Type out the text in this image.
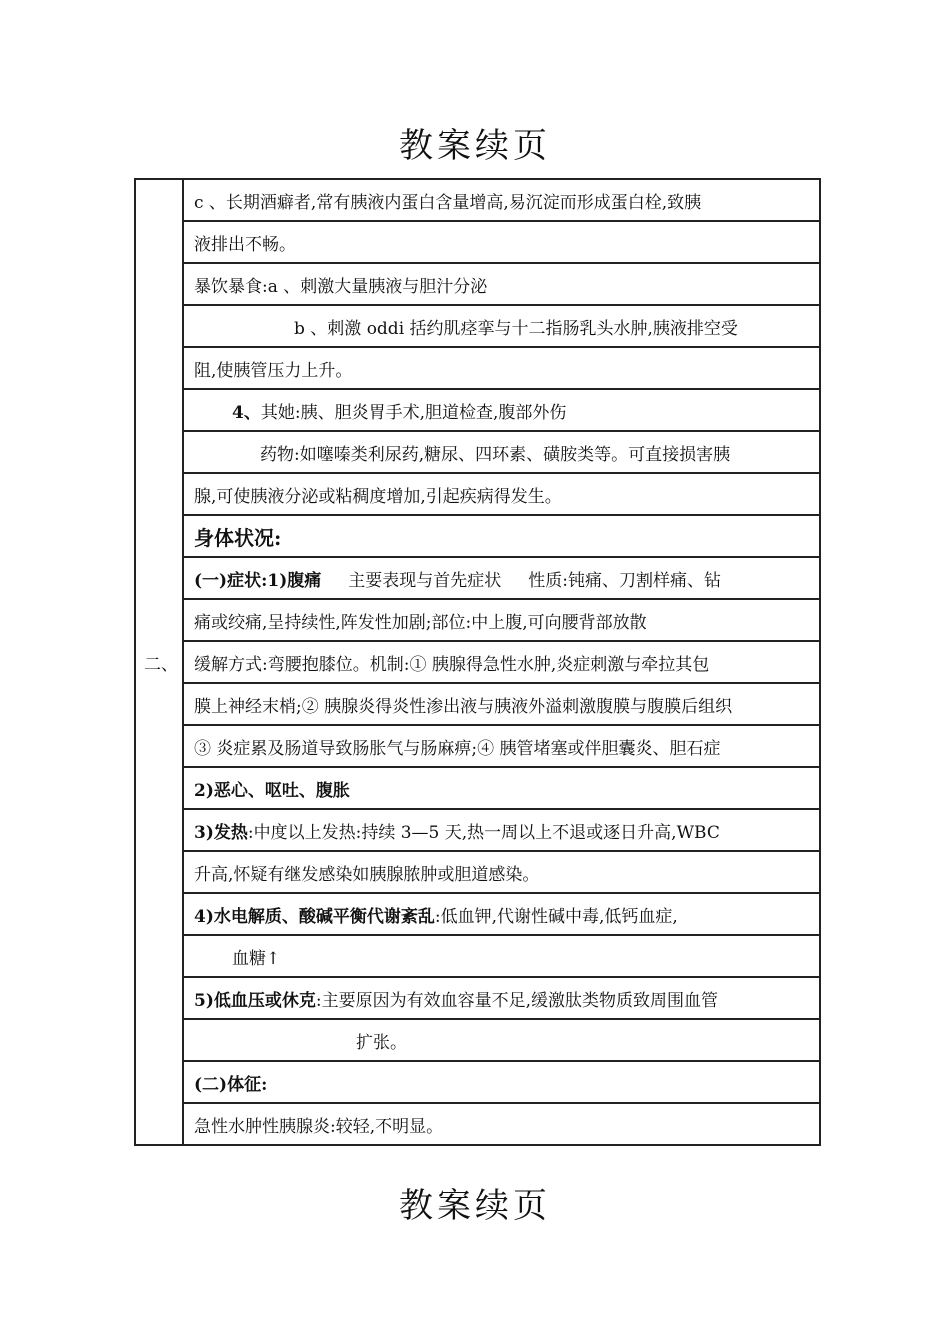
教案续页
二、	c 、长期酒癖者,常有胰液内蛋白含量增高,易沉淀而形成蛋白栓,致胰
液排出不畅。
暴饮暴食:a 、刺激大量胰液与胆汁分泌
b 、刺激 oddi 括约肌痉挛与十二指肠乳头水肿,胰液排空受
阻,使胰管压力上升。
4、其她:胰、胆炎胃手术,胆道检查,腹部外伤
药物:如噻嗪类利尿药,糖尿、四环素、磺胺类等。可直接损害胰
腺,可使胰液分泌或粘稠度增加,引起疾病得发生。
身体状况:
(一)症状:1)腹痛     主要表现与首先症状     性质:钝痛、刀割样痛、钻
痛或绞痛,呈持续性,阵发性加剧;部位:中上腹,可向腰背部放散
缓解方式:弯腰抱膝位。机制:① 胰腺得急性水肿,炎症刺激与牵拉其包
膜上神经末梢;② 胰腺炎得炎性渗出液与胰液外溢刺激腹膜与腹膜后组织
③ 炎症累及肠道导致肠胀气与肠麻痹;④ 胰管堵塞或伴胆囊炎、胆石症
2)恶心、呕吐、腹胀
3)发热:中度以上发热:持续 3—5 天,热一周以上不退或逐日升高,WBC
升高,怀疑有继发感染如胰腺脓肿或胆道感染。
4)水电解质、酸碱平衡代谢紊乱:低血钾,代谢性碱中毒,低钙血症,
血糖↑
5)低血压或休克:主要原因为有效血容量不足,缓激肽类物质致周围血管
扩张。
(二)体征:
急性水肿性胰腺炎:较轻,不明显。
教案续页
